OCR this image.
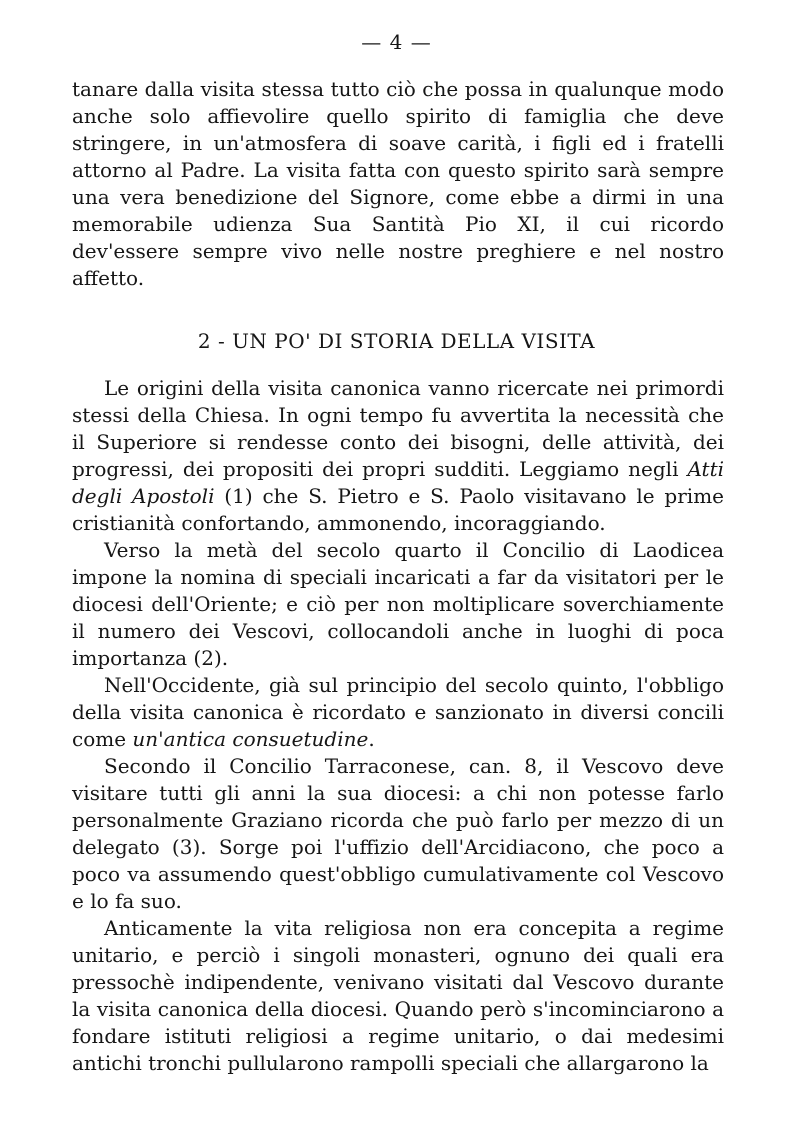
— 4 —

tanare dalla visita stessa tutto ciò che possa in qualunque modo anche solo affievolire quello spirito di famiglia che deve stringere, in un'atmosfera di soave carità, i figli ed i fratelli attorno al Padre. La visita fatta con questo spirito sarà sempre una vera benedizione del Signore, come ebbe a dirmi in una memorabile udienza Sua Santità Pio XI, il cui ricordo dev'essere sempre vivo nelle nostre preghiere e nel nostro affetto.

2 - UN PO' DI STORIA DELLA VISITA

Le origini della visita canonica vanno ricercate nei primordi stessi della Chiesa. In ogni tempo fu avvertita la necessità che il Superiore si rendesse conto dei bisogni, delle attività, dei progressi, dei propositi dei propri sudditi. Leggiamo negli Atti degli Apostoli (1) che S. Pietro e S. Paolo visitavano le prime cristianità confortando, ammonendo, incoraggiando.

Verso la metà del secolo quarto il Concilio di Laodicea impone la nomina di speciali incaricati a far da visitatori per le diocesi dell'Oriente; e ciò per non moltiplicare soverchiamente il numero dei Vescovi, collocandoli anche in luoghi di poca importanza (2).

Nell'Occidente, già sul principio del secolo quinto, l'obbligo della visita canonica è ricordato e sanzionato in diversi concili come un'antica consuetudine.

Secondo il Concilio Tarraconese, can. 8, il Vescovo deve visitare tutti gli anni la sua diocesi: a chi non potesse farlo personalmente Graziano ricorda che può farlo per mezzo di un delegato (3). Sorge poi l'uffizio dell'Arcidiacono, che poco a poco va assumendo quest'obbligo cumulativamente col Vescovo e lo fa suo.

Anticamente la vita religiosa non era concepita a regime unitario, e perciò i singoli monasteri, ognuno dei quali era pressochè indipendente, venivano visitati dal Vescovo durante la visita canonica della diocesi. Quando però s'incominciarono a fondare istituti religiosi a regime unitario, o dai medesimi antichi tronchi pullularono rampolli speciali che allargarono la
